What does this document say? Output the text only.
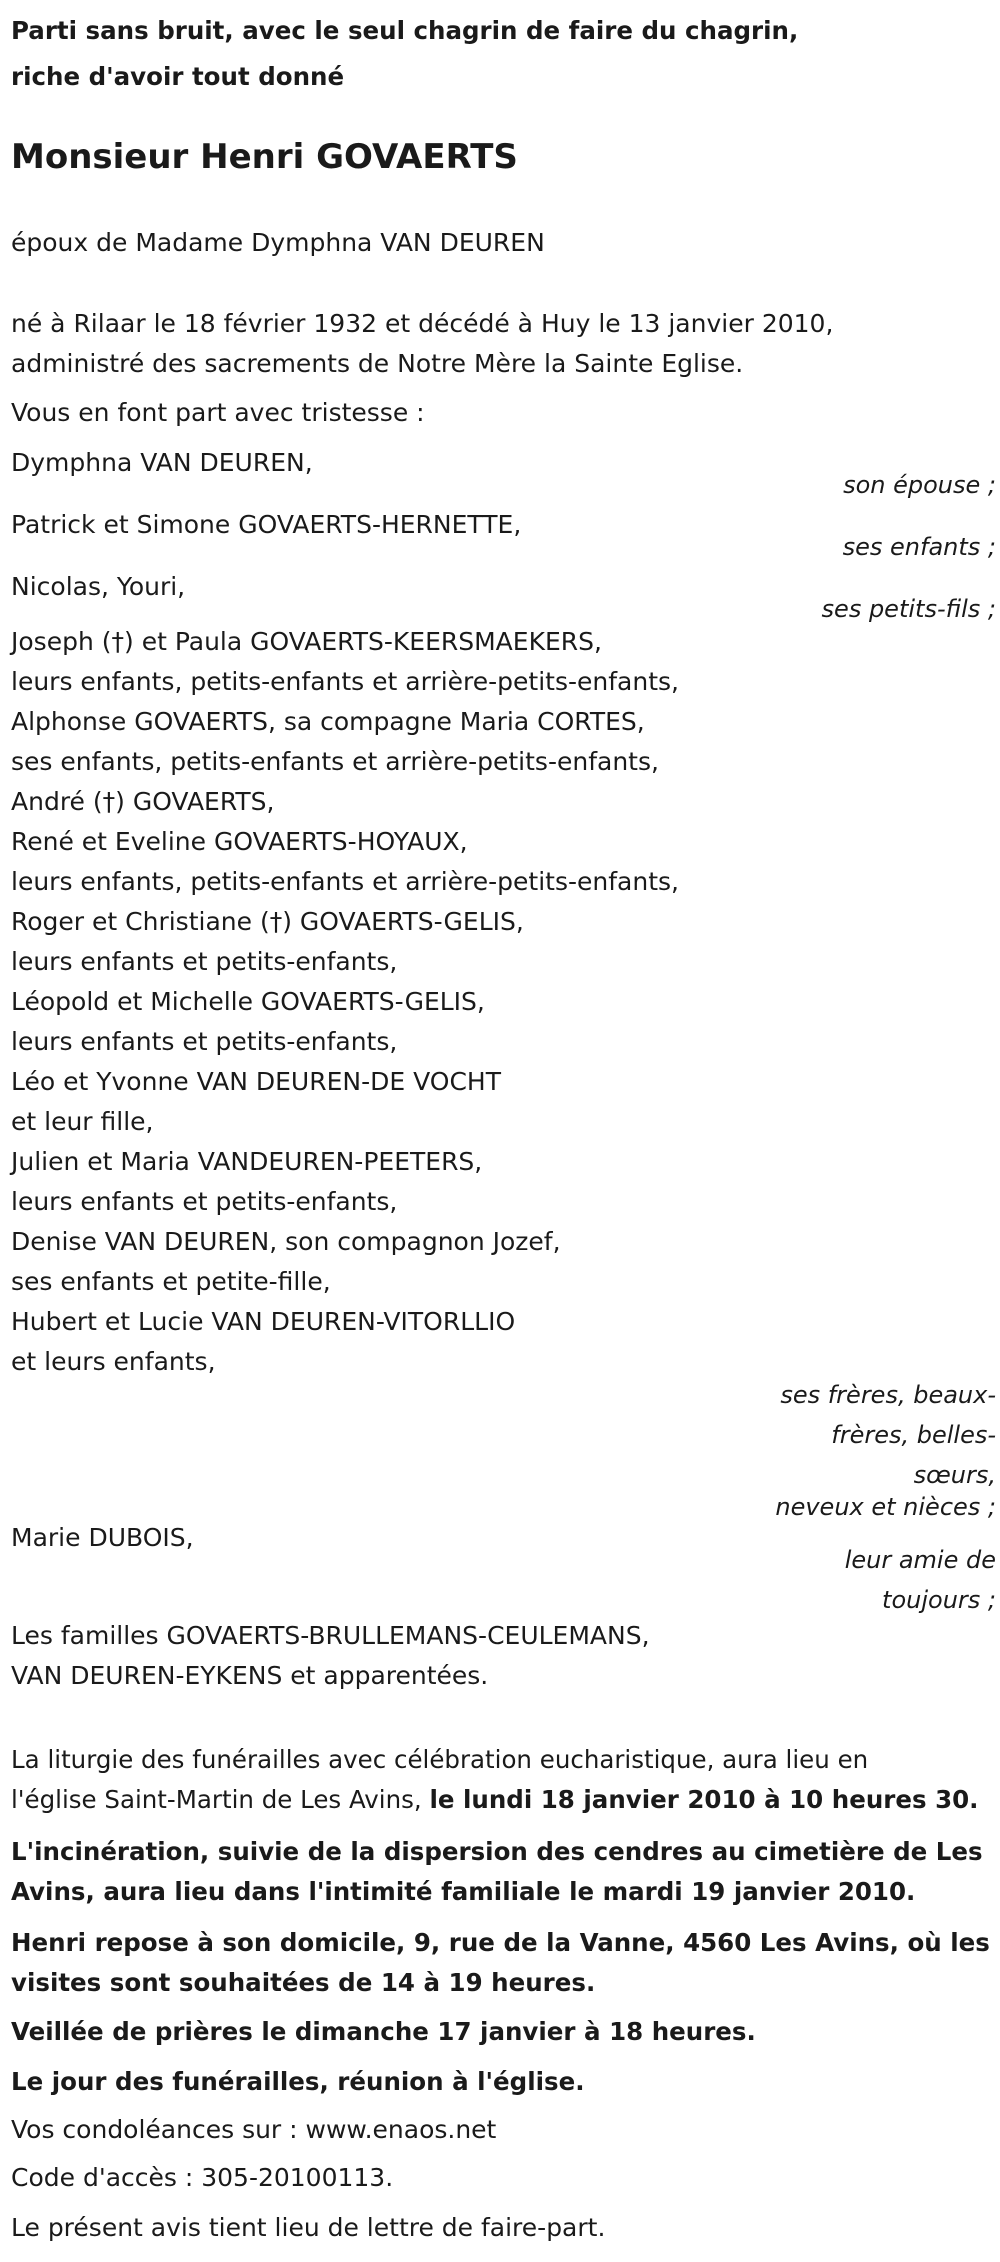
Parti sans bruit, avec le seul chagrin de faire du chagrin,
riche d'avoir tout donné
Monsieur Henri GOVAERTS
époux de Madame Dymphna VAN DEUREN
né à Rilaar le 18 février 1932 et décédé à Huy le 13 janvier 2010,
administré des sacrements de Notre Mère la Sainte Eglise.
Vous en font part avec tristesse :
Dymphna VAN DEUREN,
son épouse ;
Patrick et Simone GOVAERTS-HERNETTE,
ses enfants ;
Nicolas, Youri,
ses petits-fils ;
Joseph (†) et Paula GOVAERTS-KEERSMAEKERS,
leurs enfants, petits-enfants et arrière-petits-enfants,
Alphonse GOVAERTS, sa compagne Maria CORTES,
ses enfants, petits-enfants et arrière-petits-enfants,
André (†) GOVAERTS,
René et Eveline GOVAERTS-HOYAUX,
leurs enfants, petits-enfants et arrière-petits-enfants,
Roger et Christiane (†) GOVAERTS-GELIS,
leurs enfants et petits-enfants,
Léopold et Michelle GOVAERTS-GELIS,
leurs enfants et petits-enfants,
Léo et Yvonne VAN DEUREN-DE VOCHT
et leur fille,
Julien et Maria VANDEUREN-PEETERS,
leurs enfants et petits-enfants,
Denise VAN DEUREN, son compagnon Jozef,
ses enfants et petite-fille,
Hubert et Lucie VAN DEUREN-VITORLLIO
et leurs enfants,
ses frères, beaux-
frères, belles-
sœurs,
neveux et nièces ;
Marie DUBOIS,
leur amie de
toujours ;
Les familles GOVAERTS-BRULLEMANS-CEULEMANS,
VAN DEUREN-EYKENS et apparentées.
La liturgie des funérailles avec célébration eucharistique, aura lieu en
l'église Saint-Martin de Les Avins, le lundi 18 janvier 2010 à 10 heures 30.
L'incinération, suivie de la dispersion des cendres au cimetière de Les
Avins, aura lieu dans l'intimité familiale le mardi 19 janvier 2010.
Henri repose à son domicile, 9, rue de la Vanne, 4560 Les Avins, où les
visites sont souhaitées de 14 à 19 heures.
Veillée de prières le dimanche 17 janvier à 18 heures.
Le jour des funérailles, réunion à l'église.
Vos condoléances sur : www.enaos.net
Code d'accès : 305-20100113.
Le présent avis tient lieu de lettre de faire-part.
